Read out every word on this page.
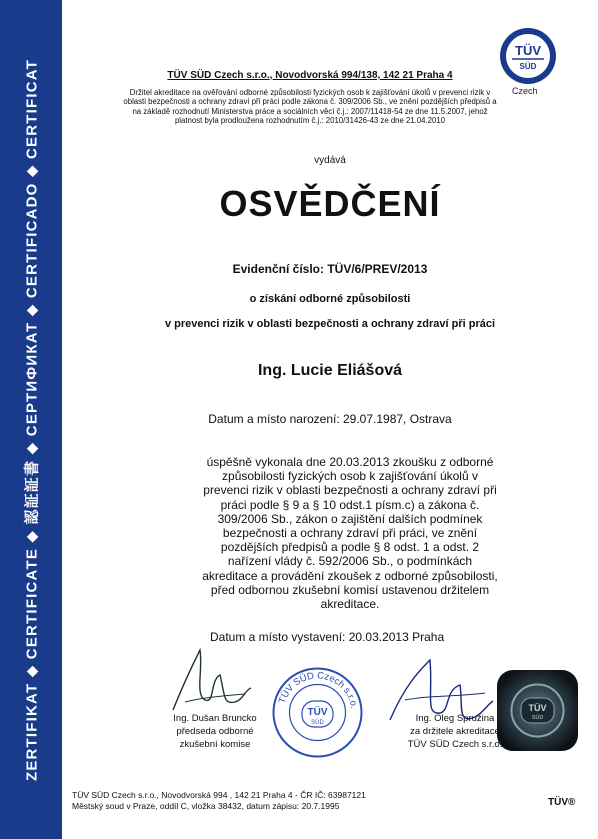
ZERTIFIKAT ◆ CERTIFICATE ◆ 認証証書 ◆ СЕРТИФИКАТ ◆ CERTIFICADO ◆ CERTIFICAT
TÜV
SÜD
Czech
TÜV SÜD Czech s.r.o., Novodvorská 994/138, 142 21 Praha 4
Držitel akreditace na ověřování odborné způsobilosti fyzických osob k zajišťování úkolů v prevenci rizik v oblasti bezpečnosti a ochrany zdraví při práci podle zákona č. 309/2006 Sb., ve znění pozdějších předpisů a na základě rozhodnutí Ministerstva práce a sociálních věcí č.j.: 2007/11418-54 ze dne 11.5.2007, jehož platnost byla prodloužena rozhodnutím č.j.: 2010/31426-43 ze dne 21.04.2010
vydává
OSVĚDČENÍ
Evidenční číslo: TÜV/6/PREV/2013
o získání odborné způsobilosti
v prevenci rizik v oblasti bezpečnosti a ochrany zdraví při práci
Ing. Lucie Eliášová
Datum a místo narození: 29.07.1987, Ostrava
úspěšně vykonala dne 20.03.2013 zkoušku z odborné způsobilosti fyzických osob k zajišťování úkolů v prevenci rizik v oblasti bezpečnosti a ochrany zdraví při práci podle § 9 a § 10 odst.1 písm.c) a zákona č. 309/2006 Sb., zákon o zajištění dalších podmínek bezpečnosti a ochrany zdraví při práci, ve znění pozdějších předpisů a podle § 8 odst. 1 a odst. 2 nařízení vlády č. 592/2006 Sb., o podmínkách akreditace a provádění zkoušek z odborné způsobilosti, před odbornou zkušební komisí ustavenou držitelem akreditace.
Datum a místo vystavení: 20.03.2013 Praha
TÜV SÜD Czech s.r.o.
TÜV
SÜD
TÜV
SÜD
Ing. Dušan Bruncko
předseda odborné
zkušební komise
Ing. Oleg Spružina
za držitele akreditace
TÜV SÜD Czech s.r.o.
TÜV SÜD Czech s.r.o., Novodvorská 994 , 142 21 Praha 4 - ČR IČ: 63987121
Městský soud v Praze, oddíl C, vložka 38432, datum zápisu: 20.7.1995	TÜV®
